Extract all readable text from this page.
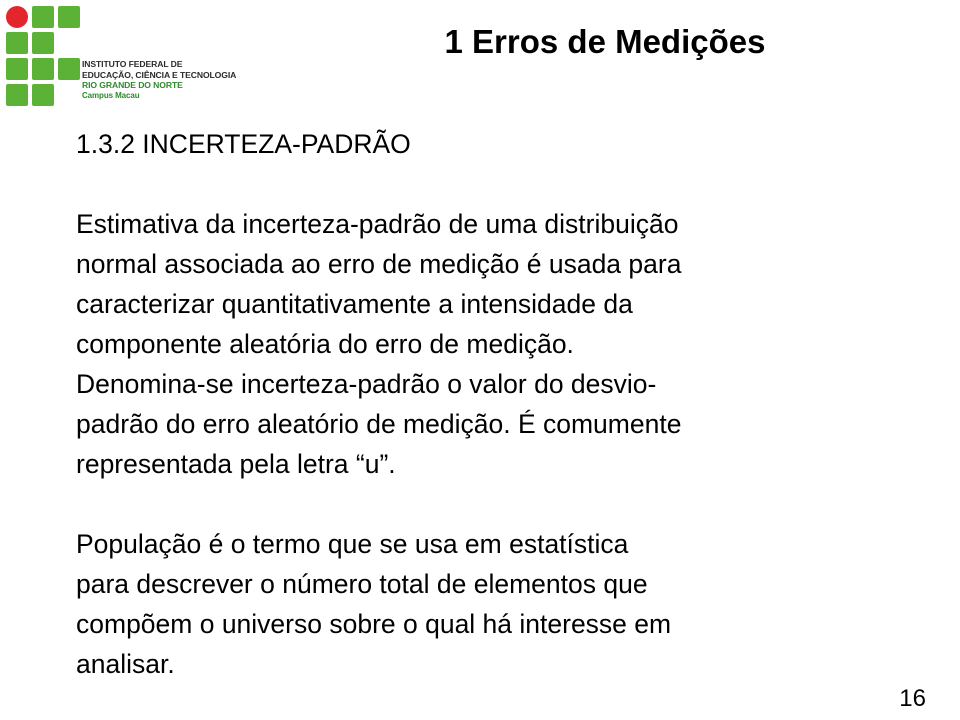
INSTITUTO FEDERAL DE
EDUCAÇÃO, CIÊNCIA E TECNOLOGIA
RIO GRANDE DO NORTE
Campus Macau
1 Erros de Medições

1.3.2 INCERTEZA-PADRÃO

Estimativa da incerteza-padrão de uma distribuição
normal associada ao erro de medição é usada para
caracterizar quantitativamente a intensidade da
componente aleatória do erro de medição.

Denomina-se incerteza-padrão o valor do desvio-
padrão do erro aleatório de medição. É comumente
representada pela letra “u”.

População é o termo que se usa em estatística
para descrever o número total de elementos que
compõem o universo sobre o qual há interesse em
analisar.

16
